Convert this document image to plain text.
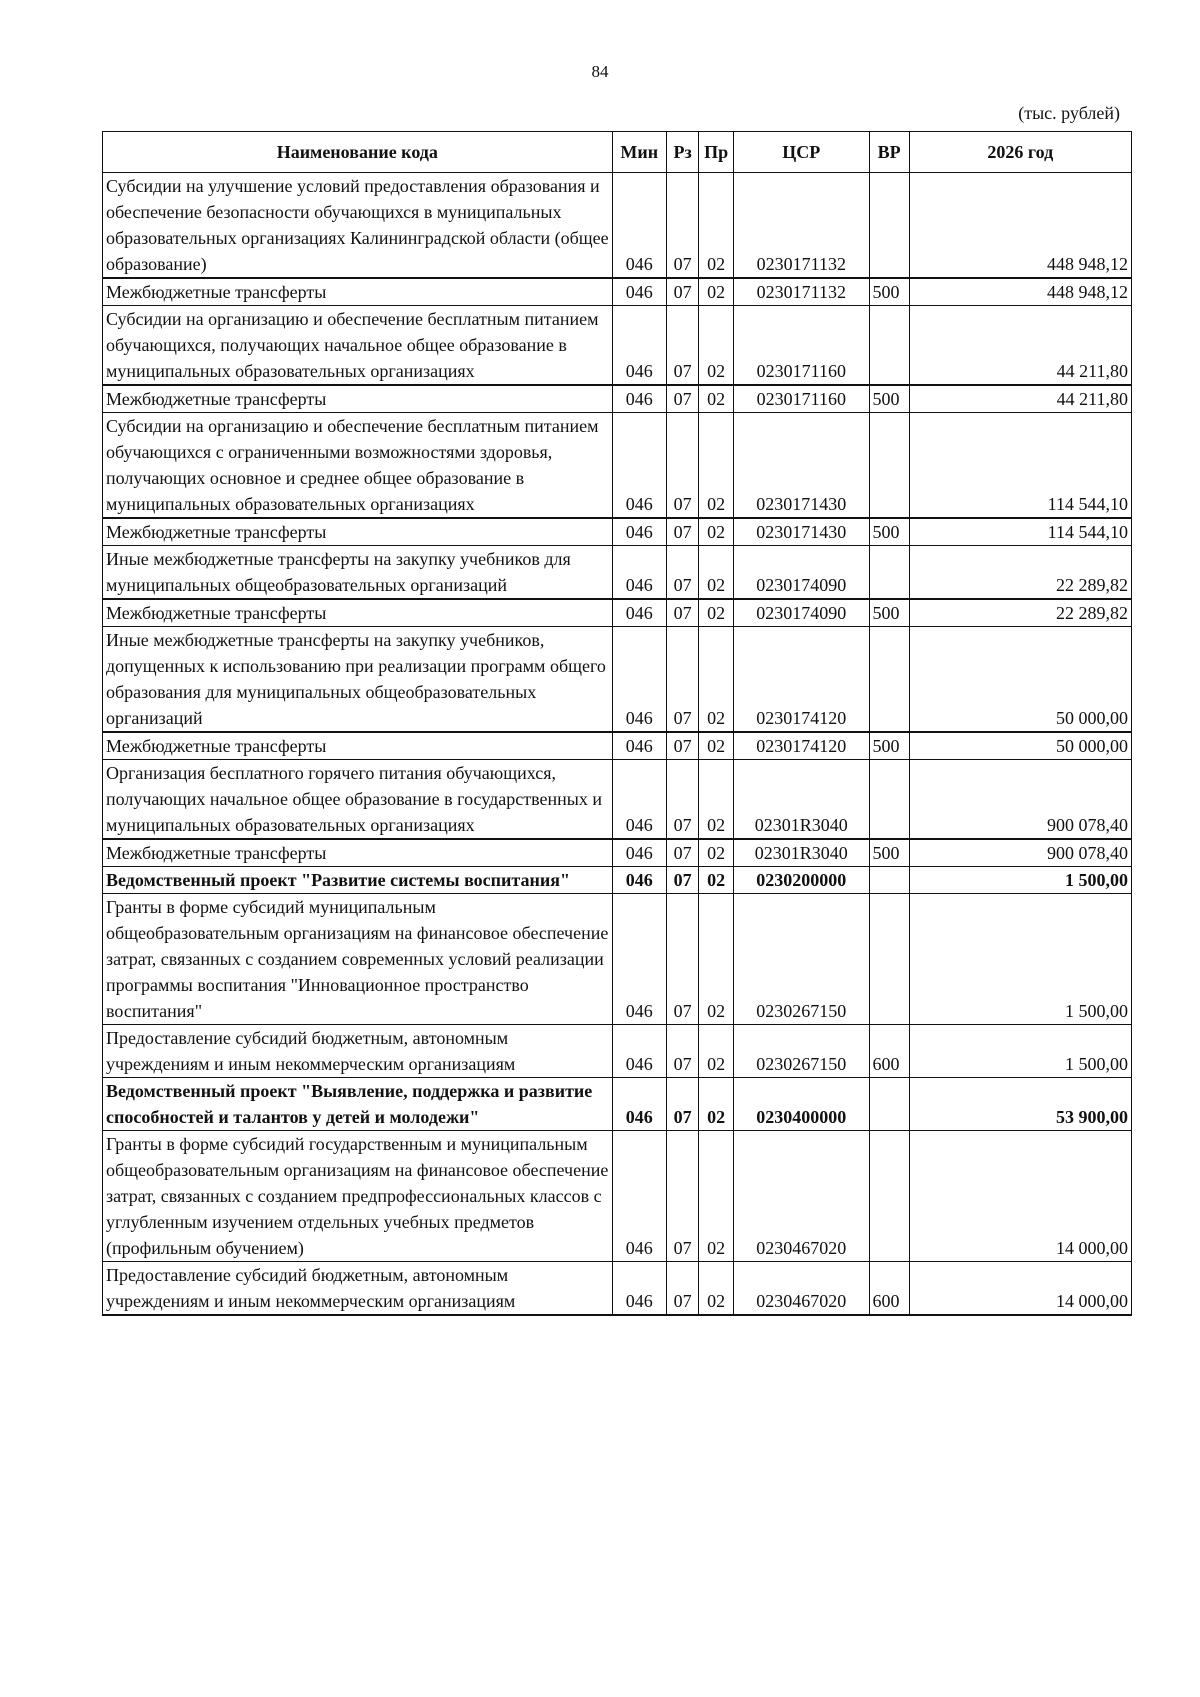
84
(тыс. рублей)
Наименование кода	Мин	Рз	Пр	ЦСР	ВР	2026 год
Субсидии на улучшение условий предоставления образования и обеспечение безопасности обучающихся в муниципальных образовательных организациях Калининградской области (общее образование)	046	07	02	0230171132		448 948,12
Межбюджетные трансферты	046	07	02	0230171132	500	448 948,12
Субсидии на организацию и обеспечение бесплатным питанием обучающихся, получающих начальное общее образование в муниципальных образовательных организациях	046	07	02	0230171160		44 211,80
Межбюджетные трансферты	046	07	02	0230171160	500	44 211,80
Субсидии на организацию и обеспечение бесплатным питанием обучающихся с ограниченными возможностями здоровья, получающих основное и среднее общее образование в муниципальных образовательных организациях	046	07	02	0230171430		114 544,10
Межбюджетные трансферты	046	07	02	0230171430	500	114 544,10
Иные межбюджетные трансферты на закупку учебников для муниципальных общеобразовательных организаций	046	07	02	0230174090		22 289,82
Межбюджетные трансферты	046	07	02	0230174090	500	22 289,82
Иные межбюджетные трансферты на закупку учебников, допущенных к использованию при реализации программ общего образования для муниципальных общеобразовательных организаций	046	07	02	0230174120		50 000,00
Межбюджетные трансферты	046	07	02	0230174120	500	50 000,00
Организация бесплатного горячего питания обучающихся, получающих начальное общее образование в государственных и муниципальных образовательных организациях	046	07	02	02301R3040		900 078,40
Межбюджетные трансферты	046	07	02	02301R3040	500	900 078,40
Ведомственный проект "Развитие системы воспитания"	046	07	02	0230200000		1 500,00
Гранты в форме субсидий муниципальным общеобразовательным организациям на финансовое обеспечение затрат, связанных с созданием современных условий реализации программы воспитания "Инновационное пространство воспитания"	046	07	02	0230267150		1 500,00
Предоставление субсидий бюджетным, автономным учреждениям и иным некоммерческим организациям	046	07	02	0230267150	600	1 500,00
Ведомственный проект "Выявление, поддержка и развитие способностей и талантов у детей и молодежи"	046	07	02	0230400000		53 900,00
Гранты в форме субсидий государственным и муниципальным общеобразовательным организациям на финансовое обеспечение затрат, связанных с созданием предпрофессиональных классов с углубленным изучением отдельных учебных предметов (профильным обучением)	046	07	02	0230467020		14 000,00
Предоставление субсидий бюджетным, автономным учреждениям и иным некоммерческим организациям	046	07	02	0230467020	600	14 000,00
